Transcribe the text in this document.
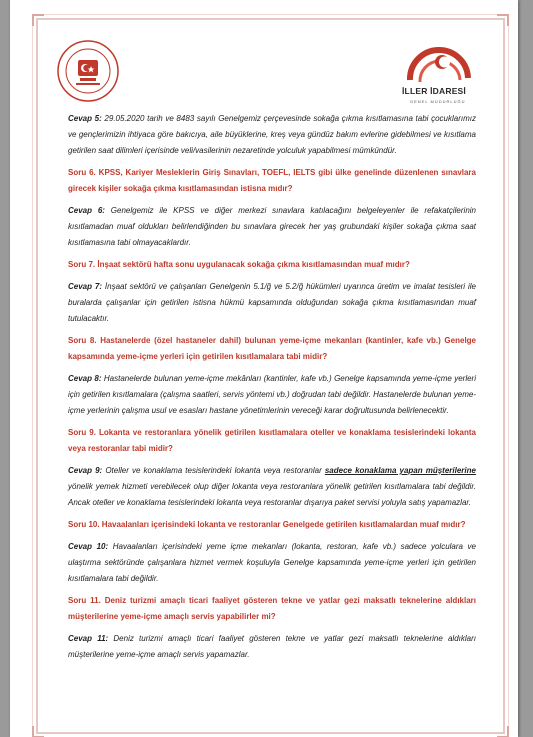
İLLER İDARESİ
GENEL MÜDÜRLÜĞÜ

Cevap 5: 29.05.2020 tarih ve 8483 sayılı Genelgemiz çerçevesinde sokağa çıkma kısıtlamasına tabi çocuklarımız ve gençlerimizin ihtiyaca göre bakıcıya, aile büyüklerine, kreş veya gündüz bakım evlerine gidebilmesi ve kısıtlama getirilen saat dilimleri içerisinde veli/vasilerinin nezaretinde yolculuk yapabilmesi mümkündür.

Soru 6. KPSS, Kariyer Mesleklerin Giriş Sınavları, TOEFL, IELTS gibi ülke genelinde düzenlenen sınavlara girecek kişiler sokağa çıkma kısıtlamasından istisna mıdır?

Cevap 6: Genelgemiz ile KPSS ve diğer merkezi sınavlara katılacağını belgeleyenler ile refakatçilerinin kısıtlamadan muaf oldukları belirlendiğinden bu sınavlara girecek her yaş grubundaki kişiler sokağa çıkma saat kısıtlamasına tabi olmayacaklardır.

Soru 7. İnşaat sektörü hafta sonu uygulanacak sokağa çıkma kısıtlamasından muaf mıdır?

Cevap 7: İnşaat sektörü ve çalışanları Genelgenin 5.1/ğ ve 5.2/ğ hükümleri uyarınca üretim ve imalat tesisleri ile buralarda çalışanlar için getirilen istisna hükmü kapsamında olduğundan sokağa çıkma kısıtlamasından muaf tutulacaktır.

Soru 8. Hastanelerde (özel hastaneler dahil) bulunan yeme-içme mekanları (kantinler, kafe vb.) Genelge kapsamında yeme-içme yerleri için getirilen kısıtlamalara tabi midir?

Cevap 8: Hastanelerde bulunan yeme-içme mekânları (kantinler, kafe vb.) Genelge kapsamında yeme-içme yerleri için getirilen kısıtlamalara (çalışma saatleri, servis yöntemi vb.) doğrudan tabi değildir. Hastanelerde bulunan yeme-içme yerlerinin çalışma usul ve esasları hastane yönetimlerinin vereceği karar doğrultusunda belirlenecektir.

Soru 9. Lokanta ve restoranlara yönelik getirilen kısıtlamalara oteller ve konaklama tesislerindeki lokanta veya restoranlar tabi midir?

Cevap 9: Oteller ve konaklama tesislerindeki lokanta veya restoranlar sadece konaklama yapan müşterilerine yönelik yemek hizmeti verebilecek olup diğer lokanta veya restoranlara yönelik getirilen kısıtlamalara tabi değildir. Ancak oteller ve konaklama tesislerindeki lokanta veya restoranlar dışarıya paket servisi yoluyla satış yapamazlar.

Soru 10. Havaalanları içerisindeki lokanta ve restoranlar Genelgede getirilen kısıtlamalardan muaf mıdır?

Cevap 10: Havaalanları içerisindeki yeme içme mekanları (lokanta, restoran, kafe vb.) sadece yolculara ve ulaştırma sektöründe çalışanlara hizmet vermek koşuluyla Genelge kapsamında yeme-içme yerleri için getirilen kısıtlamalara tabi değildir.

Soru 11. Deniz turizmi amaçlı ticari faaliyet gösteren tekne ve yatlar gezi maksatlı teknelerine aldıkları müşterilerine yeme-içme amaçlı servis yapabilirler mi?

Cevap 11: Deniz turizmi amaçlı ticari faaliyet gösteren tekne ve yatlar gezi maksatlı teknelerine aldıkları müşterilerine yeme-içme amaçlı servis yapamazlar.
